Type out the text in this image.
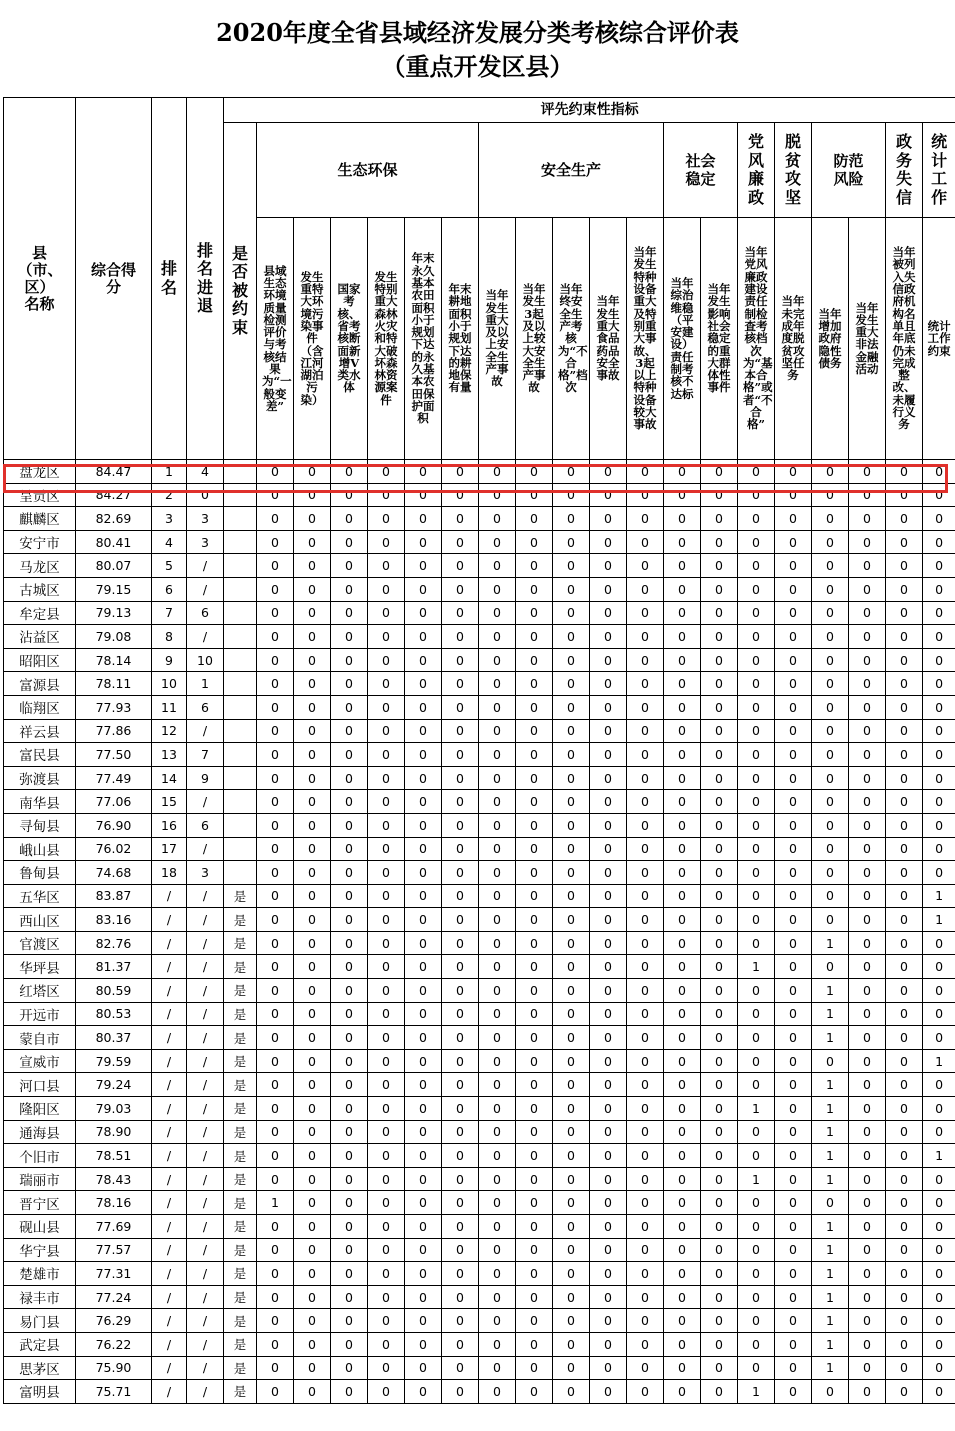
2020年度全省县域经济发展分类考核综合评价表
（重点开发区县）
县（市、区）名称	综合得分	排名	排名进退	评先约束性指标																			
				是否被约束	生态环保						安全生产					社会稳定		党风廉政	脱贫攻坚	防范风险		政务失信	统计工作
					县域生态环境质量检测评价与考核结果为“一般变差”	发生重特大环境污染事件（含江河湖泊污染）	国家考核、省考核断面新增Ⅴ类水体	发生特别重大森林火灾和特大破坏森林资源案件	年末永久基本农田面积小于规划下达的永久基本农田保护面积	年末耕地面积小于规划下达的耕地保有量	当年发生重大及以上安全生产事故	当年发生3起及以上较大安全生产事故	当年终安全生产考核为“不合格”档次	当年发生重大食品药品安全事故	当年发生特种设备重大及特别重大事故、3起以上特种设备较大事故	当年综治维稳（平安建设）责任制考核不达标	当年发生影响社会稳定的重大群体性事件	当年党风廉政建设责任制检查考核档次为“基本合格”或者“不合格”	当年未完成年度脱贫攻坚任务	当年增加政府隐性债务	当年发生重大非法金融活动	当年被列入失信政府机构名单且年底仍未完成整改、未履行义务	统计工作约束

盘龙区	84.47	1	4		0	0	0	0	0	0	0	0	0	0	0	0	0	0	0	0	0	0	0
呈贡区	84.27	2	0		0	0	0	0	0	0	0	0	0	0	0	0	0	0	0	0	0	0	0
麒麟区	82.69	3	3		0	0	0	0	0	0	0	0	0	0	0	0	0	0	0	0	0	0	0
安宁市	80.41	4	3		0	0	0	0	0	0	0	0	0	0	0	0	0	0	0	0	0	0	0
马龙区	80.07	5	/		0	0	0	0	0	0	0	0	0	0	0	0	0	0	0	0	0	0	0
古城区	79.15	6	/		0	0	0	0	0	0	0	0	0	0	0	0	0	0	0	0	0	0	0
牟定县	79.13	7	6		0	0	0	0	0	0	0	0	0	0	0	0	0	0	0	0	0	0	0
沾益区	79.08	8	/		0	0	0	0	0	0	0	0	0	0	0	0	0	0	0	0	0	0	0
昭阳区	78.14	9	10		0	0	0	0	0	0	0	0	0	0	0	0	0	0	0	0	0	0	0
富源县	78.11	10	1		0	0	0	0	0	0	0	0	0	0	0	0	0	0	0	0	0	0	0
临翔区	77.93	11	6		0	0	0	0	0	0	0	0	0	0	0	0	0	0	0	0	0	0	0
祥云县	77.86	12	/		0	0	0	0	0	0	0	0	0	0	0	0	0	0	0	0	0	0	0
富民县	77.50	13	7		0	0	0	0	0	0	0	0	0	0	0	0	0	0	0	0	0	0	0
弥渡县	77.49	14	9		0	0	0	0	0	0	0	0	0	0	0	0	0	0	0	0	0	0	0
南华县	77.06	15	/		0	0	0	0	0	0	0	0	0	0	0	0	0	0	0	0	0	0	0
寻甸县	76.90	16	6		0	0	0	0	0	0	0	0	0	0	0	0	0	0	0	0	0	0	0
峨山县	76.02	17	/		0	0	0	0	0	0	0	0	0	0	0	0	0	0	0	0	0	0	0
鲁甸县	74.68	18	3		0	0	0	0	0	0	0	0	0	0	0	0	0	0	0	0	0	0	0
五华区	83.87	/	/	是	0	0	0	0	0	0	0	0	0	0	0	0	0	0	0	0	0	0	1
西山区	83.16	/	/	是	0	0	0	0	0	0	0	0	0	0	0	0	0	0	0	0	0	0	1
官渡区	82.76	/	/	是	0	0	0	0	0	0	0	0	0	0	0	0	0	0	0	1	0	0	0
华坪县	81.37	/	/	是	0	0	0	0	0	0	0	0	0	0	0	0	0	1	0	0	0	0	0
红塔区	80.59	/	/	是	0	0	0	0	0	0	0	0	0	0	0	0	0	0	0	1	0	0	0
开远市	80.53	/	/	是	0	0	0	0	0	0	0	0	0	0	0	0	0	0	0	1	0	0	0
蒙自市	80.37	/	/	是	0	0	0	0	0	0	0	0	0	0	0	0	0	0	0	1	0	0	0
宣威市	79.59	/	/	是	0	0	0	0	0	0	0	0	0	0	0	0	0	0	0	0	0	0	1
河口县	79.24	/	/	是	0	0	0	0	0	0	0	0	0	0	0	0	0	0	0	1	0	0	0
隆阳区	79.03	/	/	是	0	0	0	0	0	0	0	0	0	0	0	0	0	1	0	1	0	0	0
通海县	78.90	/	/	是	0	0	0	0	0	0	0	0	0	0	0	0	0	0	0	1	0	0	0
个旧市	78.51	/	/	是	0	0	0	0	0	0	0	0	0	0	0	0	0	0	0	1	0	0	1
瑞丽市	78.43	/	/	是	0	0	0	0	0	0	0	0	0	0	0	0	0	1	0	1	0	0	0
晋宁区	78.16	/	/	是	1	0	0	0	0	0	0	0	0	0	0	0	0	0	0	0	0	0	0
砚山县	77.69	/	/	是	0	0	0	0	0	0	0	0	0	0	0	0	0	0	0	1	0	0	0
华宁县	77.57	/	/	是	0	0	0	0	0	0	0	0	0	0	0	0	0	0	0	1	0	0	0
楚雄市	77.31	/	/	是	0	0	0	0	0	0	0	0	0	0	0	0	0	0	0	1	0	0	0
禄丰市	77.24	/	/	是	0	0	0	0	0	0	0	0	0	0	0	0	0	0	0	1	0	0	0
易门县	76.29	/	/	是	0	0	0	0	0	0	0	0	0	0	0	0	0	0	0	1	0	0	0
武定县	76.22	/	/	是	0	0	0	0	0	0	0	0	0	0	0	0	0	0	0	1	0	0	0
思茅区	75.90	/	/	是	0	0	0	0	0	0	0	0	0	0	0	0	0	0	0	1	0	0	0
富明县	75.71	/	/	是	0	0	0	0	0	0	0	0	0	0	0	0	0	1	0	0	0	0	0
